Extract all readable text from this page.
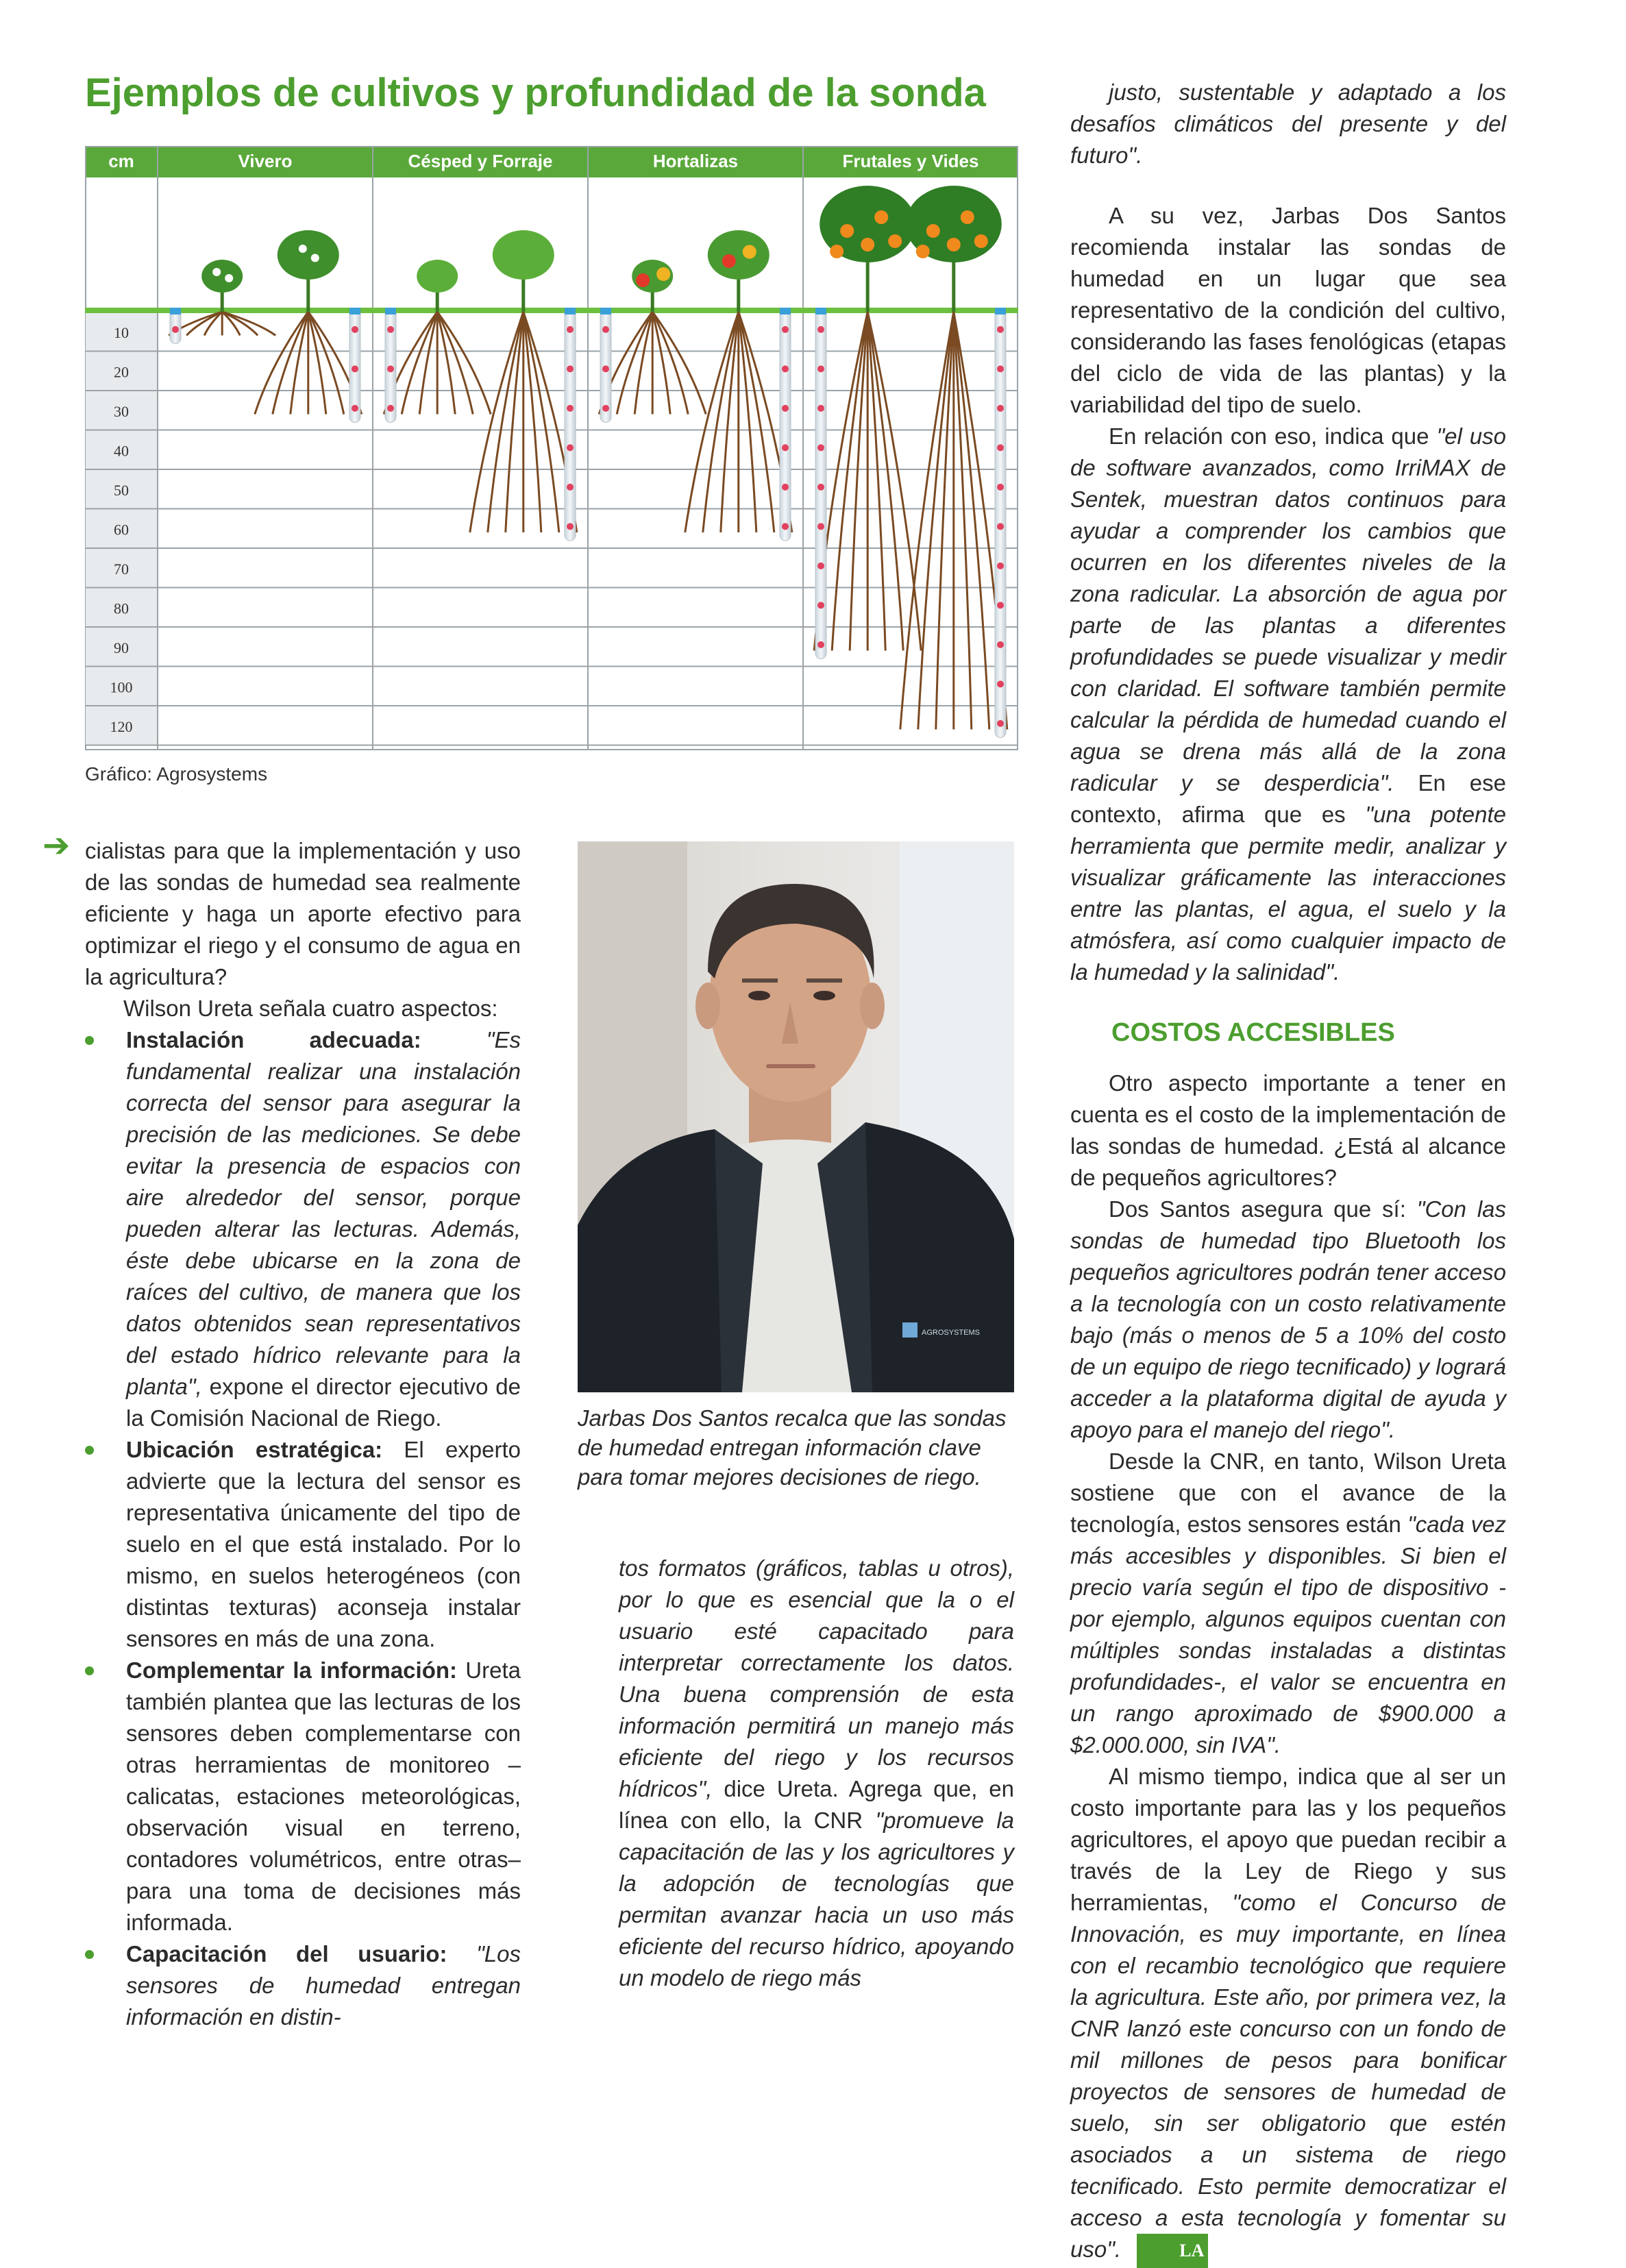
Ejemplos de cultivos y profundidad de la sonda
cm	Vivero	Césped y Forraje	Hortalizas	Frutales y Vides
10
20
30
40
50
60
70
80
90
100
120
Gráfico: Agrosystems
➔ cialistas para que la implementación y uso de las sondas de humedad sea realmente eficiente y haga un aporte efectivo para optimizar el riego y el consumo de agua en la agricultura?

Wilson Ureta señala cuatro aspectos:

Instalación adecuada:	"Es fundamental realizar una instalación correcta del sensor para asegurar la precisión de las mediciones. Se debe evitar la presencia de espacios con aire alrededor del sensor, porque pueden alterar las lecturas. Además, éste debe ubicarse en la zona de raíces del cultivo, de manera que los datos obtenidos sean representativos del estado hídrico relevante para la planta", expone el director ejecutivo de la Comisión Nacional de Riego.
Ubicación estratégica: El experto advierte que la lectura del sensor es representativa únicamente del tipo de suelo en el que está instalado. Por lo mismo, en suelos heterogéneos (con distintas texturas) aconseja instalar sensores en más de una zona.
Complementar la información: Ureta también plantea que las lecturas de los sensores deben complementarse con otras herramientas de monitoreo –calicatas, estaciones meteorológicas, observación visual en terreno, contadores volumétricos, entre otras– para una toma de decisiones más informada.
Capacitación del usuario: "Los sensores de humedad entregan información en distin-
AGROSYSTEMS
Jarbas Dos Santos recalca que las sondas de humedad entregan información clave para tomar mejores decisiones de riego.

tos formatos (gráficos, tablas u otros), por lo que es esencial que la o el usuario esté capacitado para interpretar correctamente los datos. Una buena comprensión de esta información permitirá un manejo más eficiente del riego y los recursos hídricos", dice Ureta. Agrega que, en línea con ello, la CNR "promueve la capacitación de las y los agricultores y la adopción de tecnologías que permitan avanzar hacia un uso más eficiente del recurso hídrico, apoyando un modelo de riego más

justo, sustentable y adaptado a los desafíos climáticos del presente y del futuro".

A su vez, Jarbas Dos Santos recomienda instalar las sondas de humedad en un lugar que sea representativo de la condición del cultivo, considerando las fases fenológicas (etapas del ciclo de vida de las plantas) y la variabilidad del tipo de suelo.

En relación con eso, indica que "el uso de software avanzados, como IrriMAX de Sentek, muestran datos continuos para ayudar a comprender los cambios que ocurren en los diferentes niveles de la zona radicular. La absorción de agua por parte de las plantas a diferentes profundidades se puede visualizar y medir con claridad. El software también permite calcular la pérdida de humedad cuando el agua se drena más allá de la zona radicular y se desperdicia". En ese contexto, afirma que es "una potente herramienta que permite medir, analizar y visualizar gráficamente las interacciones entre las plantas, el agua, el suelo y la atmósfera, así como cualquier impacto de la humedad y la salinidad".

COSTOS ACCESIBLES

Otro aspecto importante a tener en cuenta es el costo de la implementación de las sondas de humedad. ¿Está al alcance de pequeños agricultores?

Dos Santos asegura que sí: "Con las sondas de humedad tipo Bluetooth los pequeños agricultores podrán tener acceso a la tecnología con un costo relativamente bajo (más o menos de 5 a 10% del costo de un equipo de riego tecnificado) y logrará acceder a la plataforma digital de ayuda y apoyo para el manejo del riego".

Desde la CNR, en tanto, Wilson Ureta sostiene que con el avance de la tecnología, estos sensores están "cada vez más accesibles y disponibles. Si bien el precio varía según el tipo de dispositivo -por ejemplo, algunos equipos cuentan con múltiples sondas instaladas a distintas profundidades-, el valor se encuentra en un rango aproximado de $900.000 a $2.000.000, sin IVA".

Al mismo tiempo, indica que al ser un costo importante para las y los pequeños agricultores, el apoyo que puedan recibir a través de la Ley de Riego y sus herramientas, "como el Concurso de Innovación, es muy importante, en línea con el recambio tecnológico que requiere la agricultura. Este año, por primera vez, la CNR lanzó este concurso con un fondo de mil millones de pesos para bonificar proyectos de sensores de humedad de suelo, sin ser obligatorio que estén asociados a un sistema de riego tecnificado. Esto permite democratizar el acceso a esta tecnología y fomentar su uso".	LA
